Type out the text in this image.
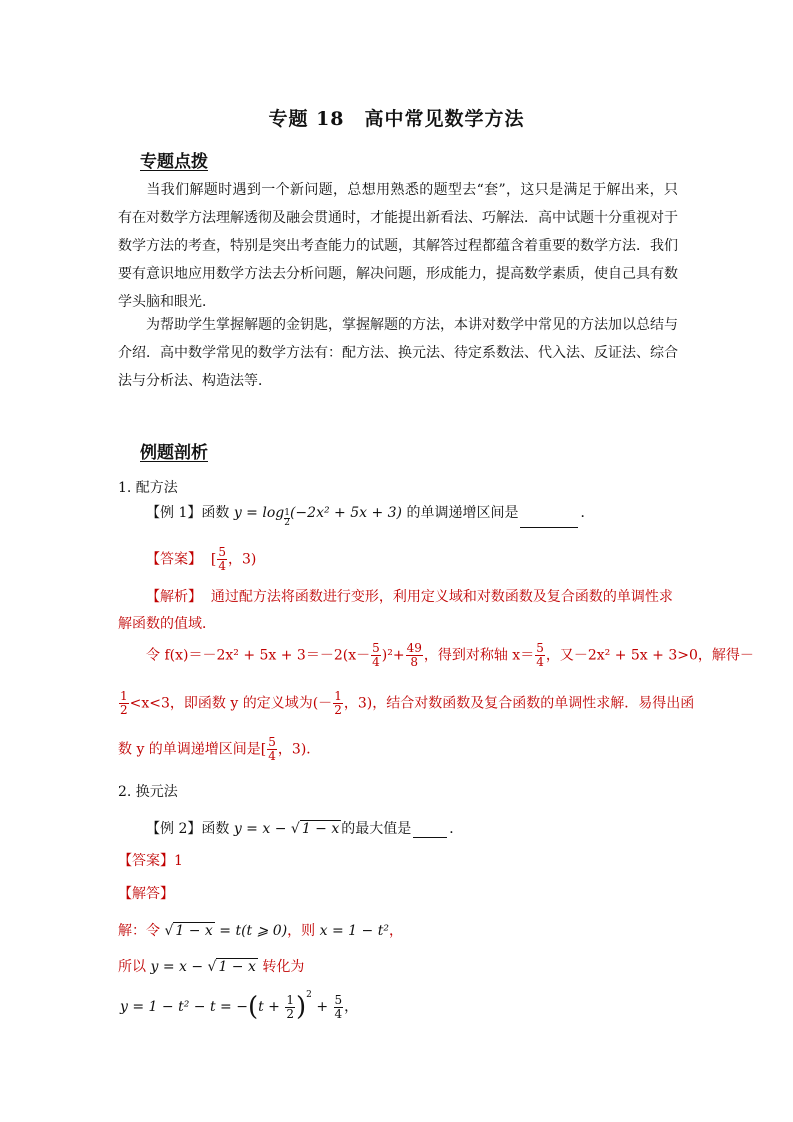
专题 18　高中常见数学方法
专题点拨
当我们解题时遇到一个新问题，总想用熟悉的题型去“套”，这只是满足于解出来，只有在对数学方法理解透彻及融会贯通时，才能提出新看法、巧解法．高中试题十分重视对于数学方法的考查，特别是突出考查能力的试题，其解答过程都蕴含着重要的数学方法．我们要有意识地应用数学方法去分析问题，解决问题，形成能力，提高数学素质，使自己具有数学头脑和眼光．
为帮助学生掌握解题的金钥匙，掌握解题的方法，本讲对数学中常见的方法加以总结与介绍．高中数学常见的数学方法有：配方法、换元法、待定系数法、代入法、反证法、综合法与分析法、构造法等．
例题剖析
1. 配方法
【例 1】函数 y = log $_{\frac{1}{2}}$ (−2x² + 5x + 3) 的单调递增区间是	．
【答案】 [ $\frac{5}{4}$ ，3)
【解析】 通过配方法将函数进行变形，利用定义域和对数函数及复合函数的单调性求
解函数的值域．
令 $f(x)=-2x^2 + 5x + 3=-2(x- \frac{5}{4} )^2+ \frac{49}{8}$ ，得到对称轴 $x= \frac{5}{4}$ ，又－2x² + 5x + 3>0，解得－
$\frac{1}{2} <x<3$，即函数 y 的定义域为(－ $\frac{1}{2}$ ，3)，结合对数函数及复合函数的单调性求解．易得出函
数 y 的单调递增区间是[ $\frac{5}{4}$ ，3)．
2. 换元法
【例 2】函数 y = x − √ 1 − x 的最大值是	．
【答案】1
【解答】
解：令 √ 1 − x = t(t ⩾ 0)，则 x = 1 − t²，
所以 y = x − √ 1 − x 转化为
$y = 1 - t^2 - t = -(t + \frac{1}{2} )^2 + \frac{5}{4}$ ，
